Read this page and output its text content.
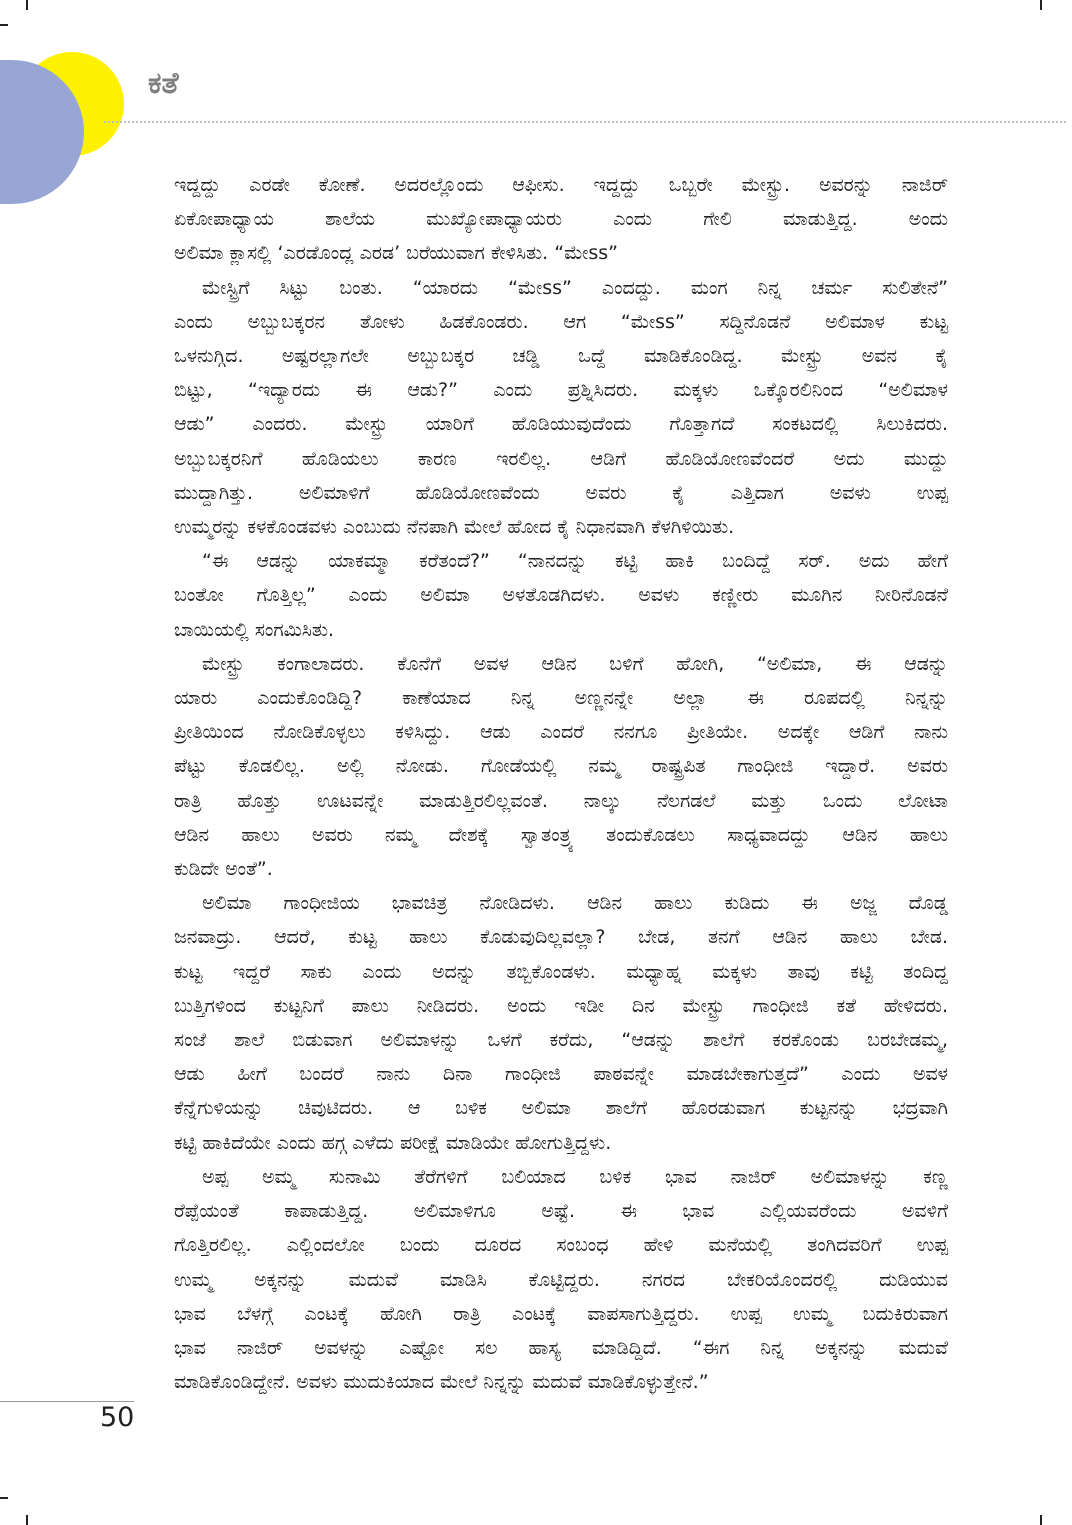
ಕತೆ

ಇದ್ದದ್ದು ಎರಡೇ ಕೋಣೆ. ಅದರಲ್ಲೊಂದು ಆಫೀಸು. ಇದ್ದದ್ದು ಒಬ್ಬರೇ ಮೇಸ್ಟ್ರು. ಅವರನ್ನು ನಾಜಿರ್
ಏಕೋಪಾಧ್ಯಾಯ ಶಾಲೆಯ ಮುಖ್ಯೋಪಾಧ್ಯಾಯರು ಎಂದು ಗೇಲಿ ಮಾಡುತ್ತಿದ್ದ. ಅಂದು
ಅಲಿಮಾ ಕ್ಲಾಸಲ್ಲಿ ‘ಎರಡೊಂದ್ಲ ಎರಡ’ ಬರೆಯುವಾಗ ಕೇಳಿಸಿತು. “ಮೇss”

ಮೇಸ್ಟ್ರಿಗೆ ಸಿಟ್ಟು ಬಂತು. “ಯಾರದು “ಮೇss” ಎಂದದ್ದು. ಮಂಗ ನಿನ್ನ ಚರ್ಮ ಸುಲಿತೇನೆ”
ಎಂದು ಅಬ್ಬುಬಕ್ಕರನ ತೋಳು ಹಿಡಕೊಂಡರು. ಆಗ “ಮೇss” ಸದ್ದಿನೊಡನೆ ಅಲಿಮಾಳ ಕುಟ್ಟ
ಒಳನುಗ್ಗಿದ. ಅಷ್ಟರಲ್ಲಾಗಲೇ ಅಬ್ಬುಬಕ್ಕರ ಚಡ್ಡಿ ಒದ್ದೆ ಮಾಡಿಕೊಂಡಿದ್ದ. ಮೇಸ್ಟ್ರು ಅವನ ಕೈ
ಬಿಟ್ಟು, “ಇದ್ಯಾರದು ಈ ಆಡು?” ಎಂದು ಪ್ರಶ್ನಿಸಿದರು. ಮಕ್ಕಳು ಒಕ್ಕೊರಲಿನಿಂದ “ಅಲಿಮಾಳ
ಆಡು” ಎಂದರು. ಮೇಸ್ಟ್ರು ಯಾರಿಗೆ ಹೊಡಿಯುವುದೆಂದು ಗೊತ್ತಾಗದೆ ಸಂಕಟದಲ್ಲಿ ಸಿಲುಕಿದರು.
ಅಬ್ಬುಬಕ್ಕರನಿಗೆ ಹೊಡಿಯಲು ಕಾರಣ ಇರಲಿಲ್ಲ. ಆಡಿಗೆ ಹೊಡಿಯೋಣವೆಂದರೆ ಅದು ಮುದ್ದು
ಮುದ್ದಾಗಿತ್ತು. ಅಲಿಮಾಳಿಗೆ ಹೊಡಿಯೋಣವೆಂದು ಅವರು ಕೈ ಎತ್ತಿದಾಗ ಅವಳು ಉಪ್ಪ
ಉಮ್ಮರನ್ನು ಕಳಕೊಂಡವಳು ಎಂಬುದು ನೆನಪಾಗಿ ಮೇಲೆ ಹೋದ ಕೈ ನಿಧಾನವಾಗಿ ಕೆಳಗಿಳಿಯಿತು.

“ಈ ಆಡನ್ನು ಯಾಕಮ್ಮಾ ಕರೆತಂದೆ?” “ನಾನದನ್ನು ಕಟ್ಟಿ ಹಾಕಿ ಬಂದಿದ್ದೆ ಸರ್. ಅದು ಹೇಗೆ
ಬಂತೋ ಗೊತ್ತಿಲ್ಲ” ಎಂದು ಅಲಿಮಾ ಅಳತೊಡಗಿದಳು. ಅವಳು ಕಣ್ಣೀರು ಮೂಗಿನ ನೀರಿನೊಡನೆ
ಬಾಯಿಯಲ್ಲಿ ಸಂಗಮಿಸಿತು.

ಮೇಸ್ಟ್ರು ಕಂಗಾಲಾದರು. ಕೊನೆಗೆ ಅವಳ ಆಡಿನ ಬಳಿಗೆ ಹೋಗಿ, “ಅಲಿಮಾ, ಈ ಆಡನ್ನು
ಯಾರು ಎಂದುಕೊಂಡಿದ್ದಿ? ಕಾಣೆಯಾದ ನಿನ್ನ ಅಣ್ಣನನ್ನೇ ಅಲ್ಲಾ ಈ ರೂಪದಲ್ಲಿ ನಿನ್ನನ್ನು
ಪ್ರೀತಿಯಿಂದ ನೋಡಿಕೊಳ್ಳಲು ಕಳಿಸಿದ್ದು. ಆಡು ಎಂದರೆ ನನಗೂ ಪ್ರೀತಿಯೇ. ಅದಕ್ಕೇ ಆಡಿಗೆ ನಾನು
ಪೆಟ್ಟು ಕೊಡಲಿಲ್ಲ. ಅಲ್ಲಿ ನೋಡು. ಗೋಡೆಯಲ್ಲಿ ನಮ್ಮ ರಾಷ್ಟ್ರಪಿತ ಗಾಂಧೀಜಿ ಇದ್ದಾರೆ. ಅವರು
ರಾತ್ರಿ ಹೊತ್ತು ಊಟವನ್ನೇ ಮಾಡುತ್ತಿರಲಿಲ್ಲವಂತೆ. ನಾಲ್ಕು ನೆಲಗಡಲೆ ಮತ್ತು ಒಂದು ಲೋಟಾ
ಆಡಿನ ಹಾಲು ಅವರು ನಮ್ಮ ದೇಶಕ್ಕೆ ಸ್ವಾತಂತ್ರ್ಯ ತಂದುಕೊಡಲು ಸಾಧ್ಯವಾದದ್ದು ಆಡಿನ ಹಾಲು
ಕುಡಿದೇ ಅಂತೆ”.

ಅಲಿಮಾ ಗಾಂಧೀಜಿಯ ಭಾವಚಿತ್ರ ನೋಡಿದಳು. ಆಡಿನ ಹಾಲು ಕುಡಿದು ಈ ಅಜ್ಜ ದೊಡ್ಡ
ಜನವಾದ್ರು. ಆದರೆ, ಕುಟ್ಟ ಹಾಲು ಕೊಡುವುದಿಲ್ಲವಲ್ಲಾ? ಬೇಡ, ತನಗೆ ಆಡಿನ ಹಾಲು ಬೇಡ.
ಕುಟ್ಟ ಇದ್ದರೆ ಸಾಕು ಎಂದು ಅದನ್ನು ತಬ್ಬಿಕೊಂಡಳು. ಮಧ್ಯಾಹ್ನ ಮಕ್ಕಳು ತಾವು ಕಟ್ಟಿ ತಂದಿದ್ದ
ಬುತ್ತಿಗಳಿಂದ ಕುಟ್ಟನಿಗೆ ಪಾಲು ನೀಡಿದರು. ಅಂದು ಇಡೀ ದಿನ ಮೇಸ್ಟ್ರು ಗಾಂಧೀಜಿ ಕತೆ ಹೇಳಿದರು.
ಸಂಜೆ ಶಾಲೆ ಬಿಡುವಾಗ ಅಲಿಮಾಳನ್ನು ಒಳಗೆ ಕರೆದು, “ಆಡನ್ನು ಶಾಲೆಗೆ ಕರಕೊಂಡು ಬರಬೇಡಮ್ಮ,
ಆಡು ಹೀಗೆ ಬಂದರೆ ನಾನು ದಿನಾ ಗಾಂಧೀಜಿ ಪಾಠವನ್ನೇ ಮಾಡಬೇಕಾಗುತ್ತದೆ” ಎಂದು ಅವಳ
ಕೆನ್ನೆಗುಳಿಯನ್ನು ಚಿವುಟಿದರು. ಆ ಬಳಿಕ ಅಲಿಮಾ ಶಾಲೆಗೆ ಹೊರಡುವಾಗ ಕುಟ್ಟನನ್ನು ಭದ್ರವಾಗಿ
ಕಟ್ಟಿ ಹಾಕಿದೆಯೇ ಎಂದು ಹಗ್ಗ ಎಳೆದು ಪರೀಕ್ಷೆ ಮಾಡಿಯೇ ಹೋಗುತ್ತಿದ್ದಳು.

ಅಪ್ಪ ಅಮ್ಮ ಸುನಾಮಿ ತೆರೆಗಳಿಗೆ ಬಲಿಯಾದ ಬಳಿಕ ಭಾವ ನಾಜಿರ್ ಅಲಿಮಾಳನ್ನು ಕಣ್ಣ
ರೆಪ್ಪೆಯಂತೆ ಕಾಪಾಡುತ್ತಿದ್ದ. ಅಲಿಮಾಳಿಗೂ ಅಷ್ಟೆ. ಈ ಭಾವ ಎಲ್ಲಿಯವರೆಂದು ಅವಳಿಗೆ
ಗೊತ್ತಿರಲಿಲ್ಲ. ಎಲ್ಲಿಂದಲೋ ಬಂದು ದೂರದ ಸಂಬಂಧ ಹೇಳಿ ಮನೆಯಲ್ಲಿ ತಂಗಿದವರಿಗೆ ಉಪ್ಪ
ಉಮ್ಮ ಅಕ್ಕನನ್ನು ಮದುವೆ ಮಾಡಿಸಿ ಕೊಟ್ಟಿದ್ದರು. ನಗರದ ಬೇಕರಿಯೊಂದರಲ್ಲಿ ದುಡಿಯುವ
ಭಾವ ಬೆಳಗ್ಗೆ ಎಂಟಕ್ಕೆ ಹೋಗಿ ರಾತ್ರಿ ಎಂಟಕ್ಕೆ ವಾಪಸಾಗುತ್ತಿದ್ದರು. ಉಪ್ಪ ಉಮ್ಮ ಬದುಕಿರುವಾಗ
ಭಾವ ನಾಜಿರ್ ಅವಳನ್ನು ಎಷ್ಟೋ ಸಲ ಹಾಸ್ಯ ಮಾಡಿದ್ದಿದೆ. “ಈಗ ನಿನ್ನ ಅಕ್ಕನನ್ನು ಮದುವೆ
ಮಾಡಿಕೊಂಡಿದ್ದೇನೆ. ಅವಳು ಮುದುಕಿಯಾದ ಮೇಲೆ ನಿನ್ನನ್ನು ಮದುವೆ ಮಾಡಿಕೊಳ್ಳುತ್ತೇನೆ.”

50
